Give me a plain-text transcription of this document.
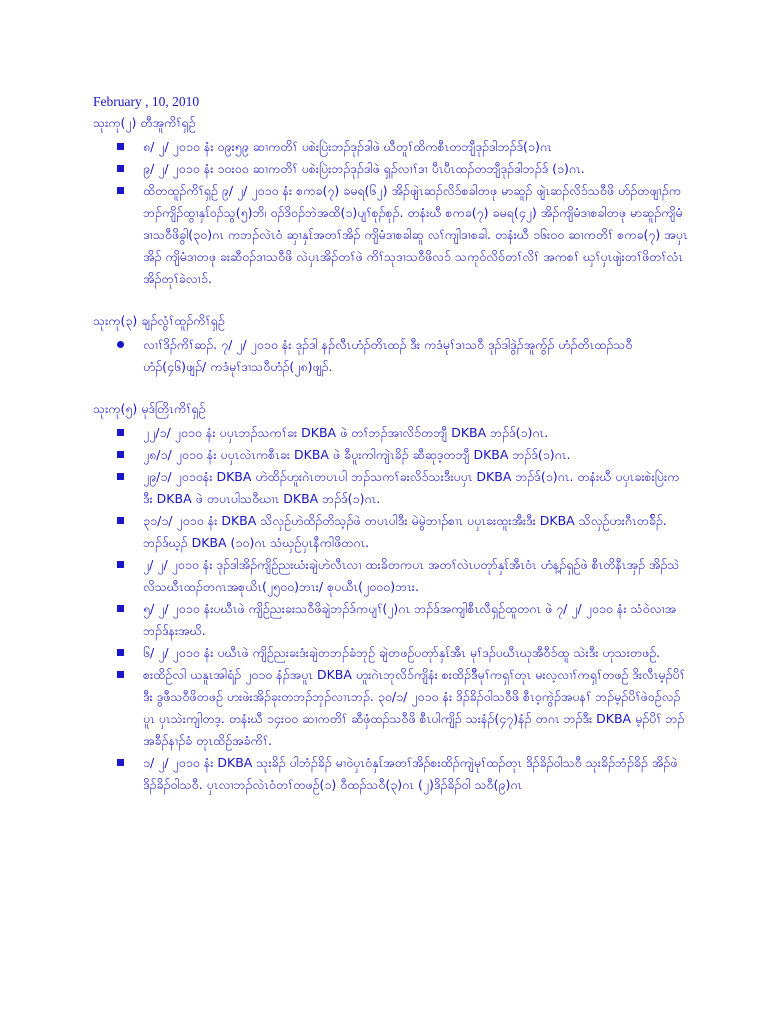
February , 10, 2010
သုးကု(၂) တီအူကိၢ်ရှဉ်
၈/ ၂/ ၂၀၁၀ နံး ဝ၉း၅၉ ဆၢကတိၢ် ပစဲးပြဲးဘၣ်ဒုၣ်ဒါဖဲ ဃီတူၢ်ထိကစီၤတဘျီဒုၣ်ဒါဘၣ်ဒ်(၁)ဂၤ
၉/ ၂/ ၂၀၁၀ နံး ၁၀း၀၀ ဆၢကတိၢ် ပစဲးပြဲးဘၣ်ဒုၣ်ဒါဖဲ ရှၣ်လၢၢ်ဒၢ ပီၤပီၤထၣ်တဘျီဒုၣ်ဒါဘၣ်ဒ် (၁)ဂၤ.
ထိတထူၣ်ကိၢ်ရှဉ် ၉/ ၂/ ၂၀၁၀ နံး စကခ(၇) ခမရ(၆၂) အိၣ်ဖျဲၤဆၣ်လိၥ်စခါတဖု မာဆူၣ် ဖျဲၤဆၣ်လိၥ်သဝီဖိ ဟ်ၣ်တဖျၢၣ်ကဘၣ်ကျိၣ်ထွၢနှၤ်ဝၣ်သွ(၅)ဘိ၊ ဝၣ်ဒိဝၣ်ဘဲအထိ(၁)ပျၢ်စုၣ်စုၣ်. တနံးဃီ စကခ(၇) ခမရ(၄၂) အိၣ်ကျိမံဒၢစခါတဖု မာဆူၣ်ကျိမံဒၢသဝီဖိခွါ(၃၀)ဂၤ ကဘၣ်လဲၤဝံ ဆှၢနှၤ်အတၢ်အိၣ် ကျိမံဒၢစခါဆူ လၢ်ကျါဒၢစခါ. တနံးဃီ ၁၆း၀၀ ဆၢကတိၢ် စကခ(၇) အပှၤအိၣ် ကျိမံဒၢတဖု ခးဆီဝၣ်ဒၢသဝီဖိ လဲပှၤအိၣ်တၢ်ဖဲ ကိၢ်သုဒၢသဝီဖိလၥ် သကုဝ်လိဝ်တၢ်လိၢ် အကစၢ် ဃှၢ်ပှၤဖျဲးတၢ်ဖိတၢ်လံၤအိၣ်တုၢ်ခဲလၢၥ်.
သုးကု(၃) ချၣ်လွံၢ်ထူၣ်ကိၢ်ရှဉ်
လၢၢ်ဒိၣ်ကိၢ်ဆၣ်. ၇/ ၂/ ၂၀၁၀ နံး ဒုၣ်ဒါ နၣ်လီၤဟံၣ်တိၤထၣ် ဒီး ကဒံမုၢ်ဒၢသဝီ ဒုၣ်ဒါဒွဲၣ်အူကွ်ၣ် ဟံၣ်တိၤထၣ်သဝီဟံၣ်(၄၆)ဖျၣ်/ ကဒံမုၢ်ဒၢသဝီဟံၣ်(၂၈)ဖျၣ်.
သုးကု(၅) မုဒ်တြိၤကိၢ်ရှဉ်
၂၂/၁/ ၂၀၁၀ နံး ပပှၤဘၣ်သကၢ်ခး DKBA ဖဲ တၢ်ဘၣ်အၢလိၥ်တဘျီ DKBA ဘၣ်ဒ်(၁)ဂၤ.
၂၈/၁/ ၂၀၁၀ နံး ပပှၤလဲၤကစီၤခး DKBA ဖဲ ခီပူးကါကျဲၤခိၣ် ဆီဆုဒ့တဘျီ DKBA ဘၣ်ဒ်(၁)ဂၤ.
၂၉/၁/ ၂၀၁၀နံး DKBA ဟဲထိၣ်ဟူးဂဲၤတပၤပါ ဘၣ်သကၢ်ခးလိၥ်သးဒီးပပှၤ DKBA ဘၣ်ဒ်(၁)ဂၤ. တနံးဃီ ပပှၤခးစဲးပြဲးကဒီး DKBA ဖဲ တပၤပါသဝီဃၢၤ DKBA ဘၣ်ဒ်(၁)ဂၤ.
၃၁/၁/ ၂၀၁၀ နံး DKBA သိလှဉ်ဟဲထိၣ်တိသ့ၣ်ဖဲ တပၤပါဒီး မဲမွဲဘၢၣ်စၢၤ ပပှၤခးထူးအီးဒီး DKBA သိလှဉ်ဟးဂီၤတခ်ိၣ်. ဘၣ်ဒ်ဃ့ၣ် DKBA (၁၀)ဂၤ သံဃှဉ်ပှၤနီကါဖိတဂၤ.
၂/ ၂/ ၂၀၁၀ နံး ဒုၣ်ဒါအိၣ်ကျိဉ်ညးဃံးချဲဟဲလီၤလၢ ထးခိတကပၤ အတၢ်လဲၤပတုာ်နှၤ်အီၤဝံၤ ဟံန့ၣ်ရှဉ်ဖဲ စီၤတိနီၤအှၣ် အိၣ်သဲလိသဃီၤထၣ်တဂၤအစုယိၤ(၂၅၀၀)ဘၤး/ စုပယီၤ(၂၀၀၀)ဘၤး.
၅/ ၂/ ၂၀၁၀ နံးပဃီၤဖဲ ကျိဉ်ညးခးသဝီဖိချဲဘၣ်ဒ်ကပျၢ်(၂)ဂၤ ဘၣ်ဒ်အကျါစီၤလီရှဉ်ထူတဂၤ ဖဲ ၇/ ၂/ ၂၀၁၀ နံး သံဝဲလၢအဘၣ်ဒ်နးအဃိ.
၆/ ၂/ ၂၀၁၀ နံး ပဃီၤဖဲ ကျိဉ်ညးခးဒံးချဲတဘၣ်ခံဘုဉ် ချဲတဖဉ်ပတုာ်နှၤ်အီၤ မုၢ်ဒၣ်ပဃီၤဃုအီဝီၥ်ထူ သဲးဒီး ဟုသးတဖဉ်.
စးထိဉ်လါ ယနူၤအါရံၣ် ၂၀၁၀ နံၣ်အပူၤ DKBA ဟူးဂဲၤဘုလိၥ်ကျိနံး စးထိၣ်ဒိီမုၢ်ကရှၢ်တုၤ မးလ့လၢၢ်ကရှၢ်တဖဉ် ဒိးလီၤမ့ၣ်ပိၢ်ဒီး ဒွဖီသဝီဖိတဖဉ် ဟးဖဲးအိၣ်ခုးတဘၣ်ဘှၣ်လၢၤဘၣ်. ၃၀/၁/ ၂၀၁၀ နံး ဒိၣ်ခိၣ်ဝါသဝီဖိ စီၤဝ့ကွဲၣ်အပနၢ် ဘၣ်မ့ၣ်ပိၢ်ဖဲဝဉ်လၣ်ပူၤ ပှၤသဲးကျါတဒ့. တနံးဃီ ၁၄း၀၀ ဆၢကတိၢ် ဆီဖှံထၣ်သဝီဖိ စီၤပါကျိၣ် သးနံၣ်(၄၇)နံၣ် တဂၤ ဘၣ်ဒီး DKBA မ့ၣ်ပိၢ် ဘၣ်အခီၣ်နၢၣ်ခံ တုၤထိဉ်အခံကိၢ်.
၁/ ၂/ ၂၀၁၀ နံး DKBA သုးခိၣ် ပါဘံၣ်ခိၣ် မၢဝဲပှၤဝံနှၤ်အတၢ်အိၣ်စးထိၣ်ကျဲမုၢ်ထၣ်တုၤ ဒိၣ်ခိၣ်ဝါသဝီ သုးခိၣ်ဘံၣ်ခိၣ် အိၣ်ဖဲဒိၣ်ခိၣ်ဝါသဝီ. ပှၤလၢဘၣ်လဲၤဝံတၢ်တဖဉ်(၁) ဝီထၣ်သဝီ(၃)ဂၤ (၂)ဒိၣ်ခိၣ်ဝါ သဝီ(၉)ဂၤ
